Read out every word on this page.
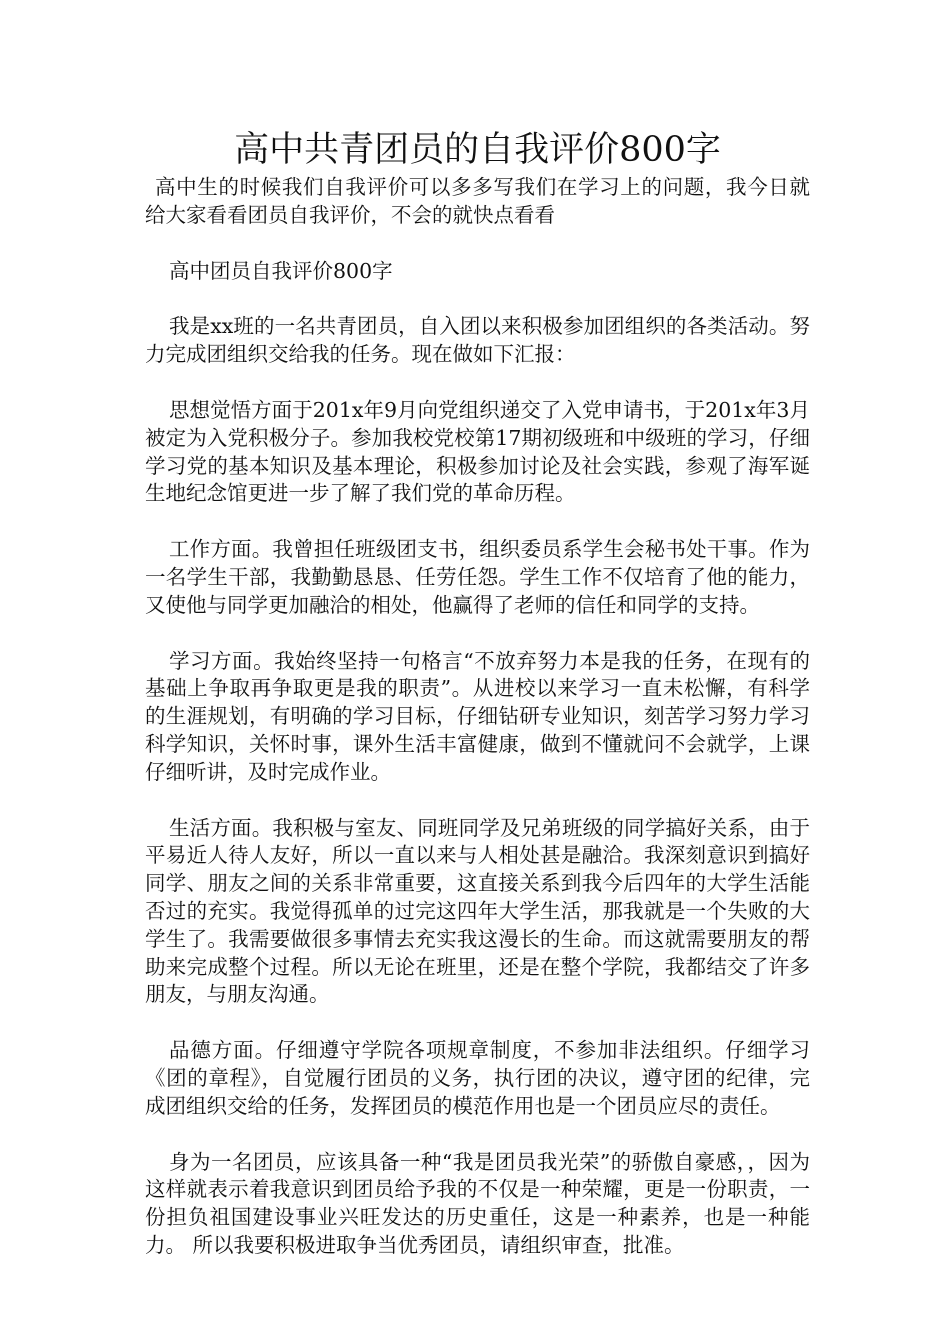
高中共青团员的自我评价800字

高中生的时候我们自我评价可以多多写我们在学习上的问题，我今日就给大家看看团员自我评价，不会的就快点看看

高中团员自我评价800字

我是xx班的一名共青团员，自入团以来积极参加团组织的各类活动。努力完成团组织交给我的任务。现在做如下汇报：

思想觉悟方面于201x年9月向党组织递交了入党申请书，于201x年3月被定为入党积极分子。参加我校党校第17期初级班和中级班的学习，仔细学习党的基本知识及基本理论，积极参加讨论及社会实践，参观了海军诞生地纪念馆更进一步了解了我们党的革命历程。

工作方面。我曾担任班级团支书，组织委员系学生会秘书处干事。作为一名学生干部，我勤勤恳恳、任劳任怨。学生工作不仅培育了他的能力，又使他与同学更加融洽的相处，他赢得了老师的信任和同学的支持。

学习方面。我始终坚持一句格言“不放弃努力本是我的任务，在现有的基础上争取再争取更是我的职责”。从进校以来学习一直未松懈，有科学的生涯规划，有明确的学习目标，仔细钻研专业知识，刻苦学习努力学习科学知识，关怀时事，课外生活丰富健康，做到不懂就问不会就学，上课仔细听讲，及时完成作业。

生活方面。我积极与室友、同班同学及兄弟班级的同学搞好关系，由于平易近人待人友好，所以一直以来与人相处甚是融洽。我深刻意识到搞好同学、朋友之间的关系非常重要，这直接关系到我今后四年的大学生活能否过的充实。我觉得孤单的过完这四年大学生活，那我就是一个失败的大学生了。我需要做很多事情去充实我这漫长的生命。而这就需要朋友的帮助来完成整个过程。所以无论在班里，还是在整个学院，我都结交了许多朋友，与朋友沟通。

品德方面。仔细遵守学院各项规章制度，不参加非法组织。仔细学习《团的章程》，自觉履行团员的义务，执行团的决议，遵守团的纪律，完成团组织交给的任务，发挥团员的模范作用也是一个团员应尽的责任。

身为一名团员，应该具备一种“我是团员我光荣”的骄傲自豪感，，因为这样就表示着我意识到团员给予我的不仅是一种荣耀，更是一份职责，一份担负祖国建设事业兴旺发达的历史重任，这是一种素养，也是一种能力。 所以我要积极进取争当优秀团员，请组织审查，批准。
